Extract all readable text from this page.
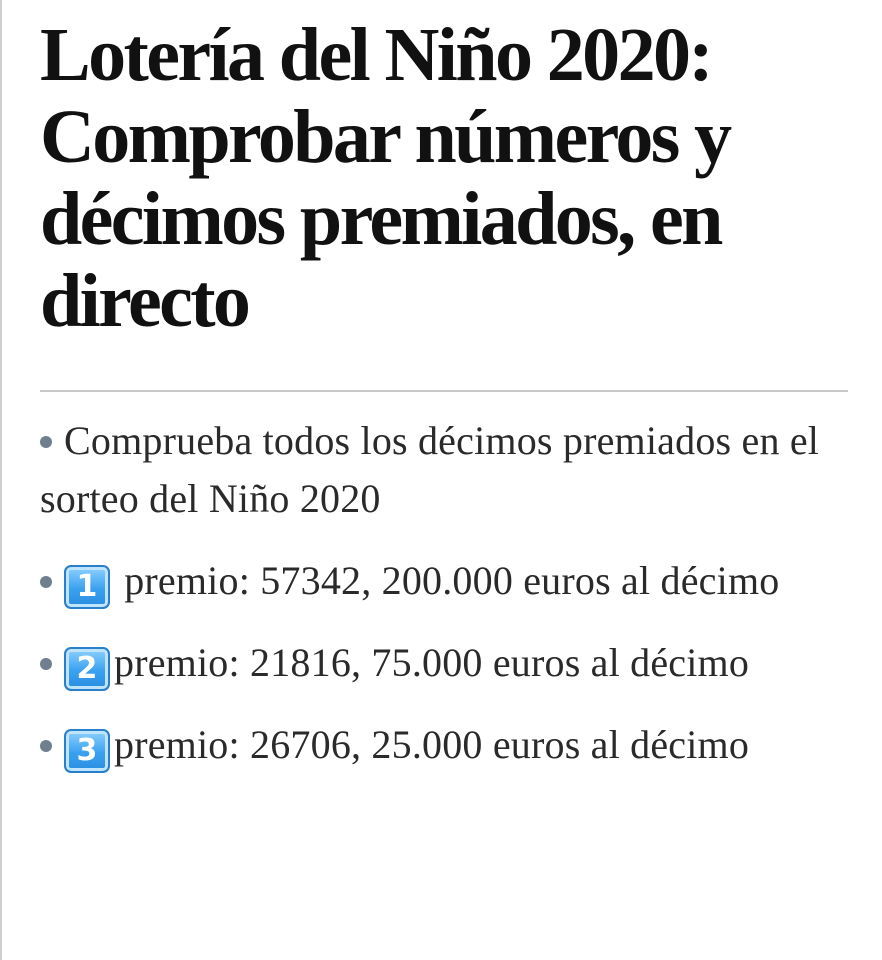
Lotería del Niño 2020: Comprobar números y décimos premiados, en directo
Comprueba todos los décimos premiados en el sorteo del Niño 2020
1 premio: 57342, 200.000 euros al décimo
2 premio: 21816, 75.000 euros al décimo
3 premio: 26706, 25.000 euros al décimo
